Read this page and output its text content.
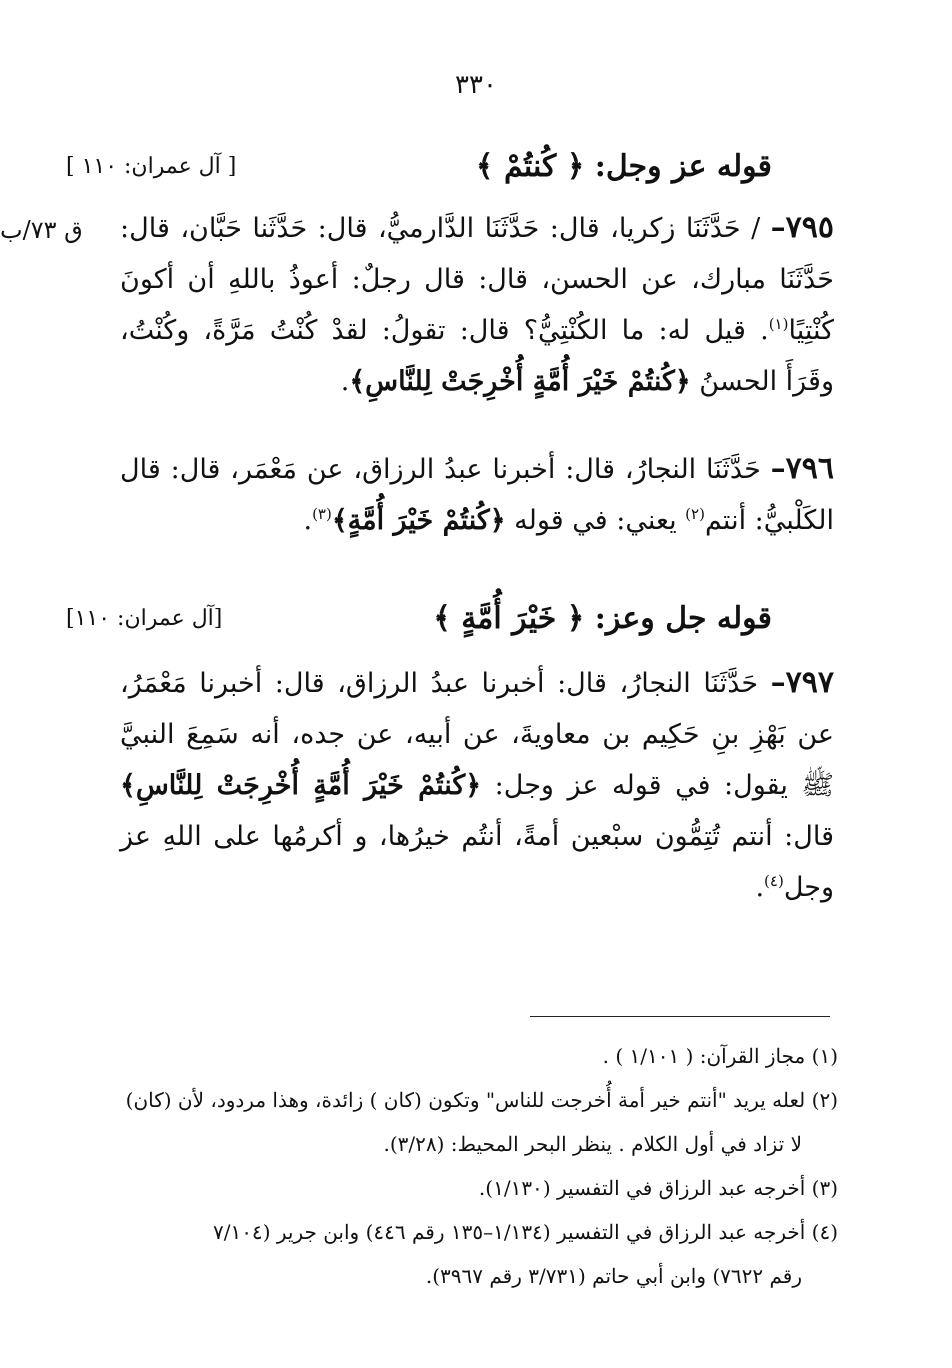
٣٣٠
ق ٧٣/ب
قوله عز وجل: ﴿ كُنتُمْ ﴾
[ آل عمران: ١١٠ ]

٧٩٥– / حَدَّثَنَا زكريا، قال: حَدَّثَنَا الدَّارميُّ، قال: حَدَّثَنا حَبَّان، قال: حَدَّثَنَا مبارك، عن الحسن، قال: قال رجلٌ: أعوذُ باللهِ أن أكونَ كُنْتِيًا$^{(١)}$. قيل له: ما الكُنْتِيُّ؟ قال: تقولُ: لقدْ كُنْتُ مَرَّةً، وكُنْتُ، وقَرَأَ الحسنُ ﴿كُنتُمْ خَيْرَ أُمَّةٍ أُخْرِجَتْ لِلنَّاسِ﴾.

٧٩٦– حَدَّثَنَا النجارُ، قال: أخبرنا عبدُ الرزاق، عن مَعْمَر، قال: قال الكَلْبيُّ: أنتم$^{(٢)}$ يعني: في قوله ﴿كُنتُمْ خَيْرَ أُمَّةٍ﴾$^{(٣)}$.

قوله جل وعز: ﴿ خَيْرَ أُمَّةٍ ﴾
[آل عمران: ١١٠]

٧٩٧– حَدَّثَنَا النجارُ، قال: أخبرنا عبدُ الرزاق، قال: أخبرنا مَعْمَرُ، عن بَهْزِ بنِ حَكِيم بن معاويةَ، عن أبيه، عن جده، أنه سَمِعَ النبيَّ ﷺ يقول: في قوله عز وجل: ﴿كُنتُمْ خَيْرَ أُمَّةٍ أُخْرِجَتْ لِلنَّاسِ﴾ قال: أنتم تُتِمُّون سبْعين أمةً، أنتُم خيرُها، و أكرمُها على اللهِ عز وجل$^{(٤)}$.

(١) مجاز القرآن: ( ١/١٠١ ) .
(٢) لعله يريد "أنتم خير أمة أُخرجت للناس" وتكون (كان ) زائدة، وهذا مردود، لأن (كان)
لا تزاد في أول الكلام . ينظر البحر المحيط: (٣/٢٨).
(٣) أخرجه عبد الرزاق في التفسير (١/١٣٠).
(٤) أخرجه عبد الرزاق في التفسير (١/١٣٤–١٣٥ رقم ٤٤٦) وابن جرير (٧/١٠٤
رقم ٧٦٢٢) وابن أبي حاتم (٣/٧٣١ رقم ٣٩٦٧).
